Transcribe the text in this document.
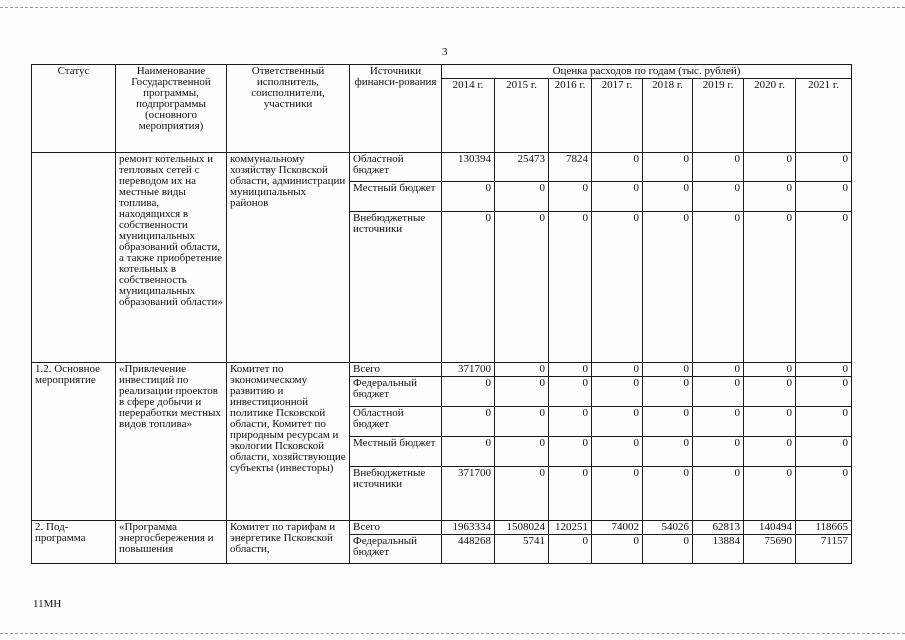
3
Статус	Наименование Государственной программы, подпрограммы (основного мероприятия)	Ответственный исполнитель, соисполнители, участники	Источники финанси-рования	Оценка расходов по годам (тыс. рублей)							
				2014 г.	2015 г.	2016 г.	2017 г.	2018 г.	2019 г.	2020 г.	2021 г.
	ремонт котельных и тепловых сетей с переводом их на местные виды топлива, находящихся в собственности муниципальных образований области, а также приобретение котельных в собственность муниципальных образований области»	коммунальному хозяйству Псковской области, администрации муниципальных районов	Областной бюджет	130394	25473	7824	0	0	0	0	0
			Местный бюджет	0	0	0	0	0	0	0	0
			Внебюджетные источники	0	0	0	0	0	0	0	0
1.2. Основное мероприятие	«Привлечение инвестиций по реализации проектов в сфере добычи и переработки местных видов топлива»	Комитет по экономическому развитию и инвестиционной политике Псковской области, Комитет по природным ресурсам и экологии Псковской области, хозяйствующие субъекты (инвесторы)	Всего	371700	0	0	0	0	0	0	0
			Федеральный бюджет	0	0	0	0	0	0	0	0
			Областной бюджет	0	0	0	0	0	0	0	0
			Местный бюджет	0	0	0	0	0	0	0	0
			Внебюджетные источники	371700	0	0	0	0	0	0	0
2. Под-программа	«Программа энергосбережения и повышения	Комитет по тарифам и энергетике Псковской области,	Всего	1963334	1508024	120251	74002	54026	62813	140494	118665
			Федеральный бюджет	448268	5741	0	0	0	13884	75690	71157
11МН
